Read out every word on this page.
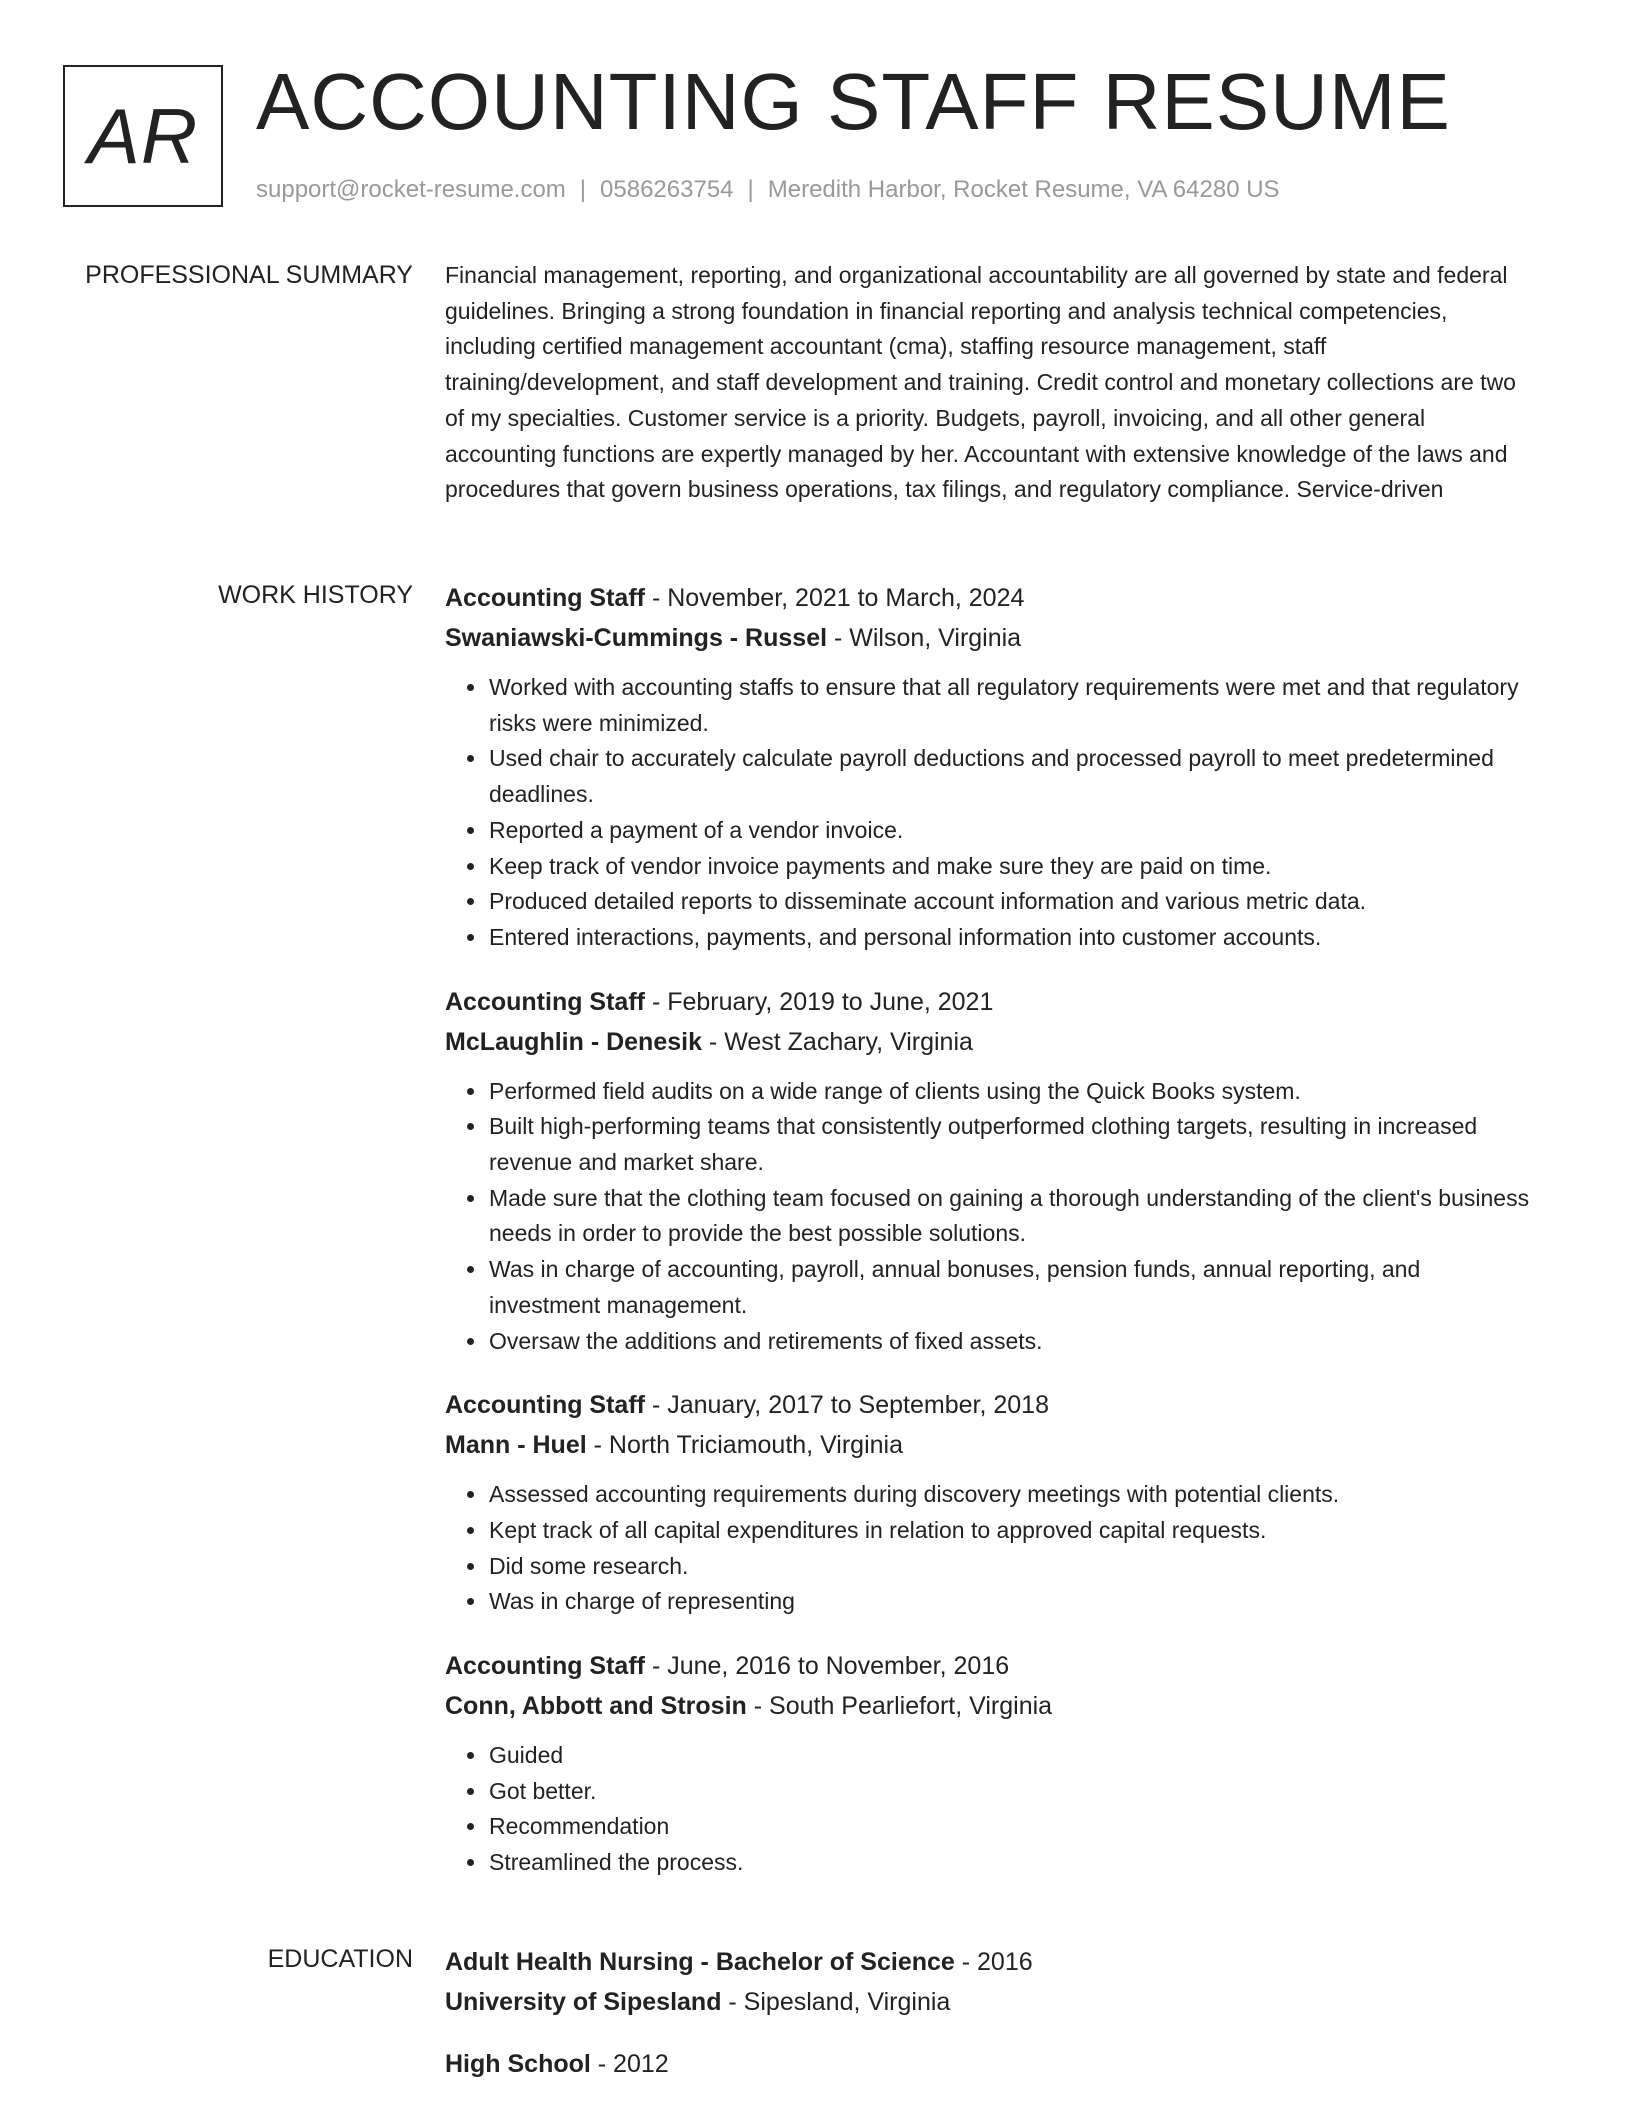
AR ACCOUNTING STAFF RESUME
support@rocket-resume.com | 0586263754 | Meredith Harbor, Rocket Resume, VA 64280 US
PROFESSIONAL SUMMARY Financial management, reporting, and organizational accountability are all governed by state and federal guidelines. Bringing a strong foundation in financial reporting and analysis technical competencies, including certified management accountant (cma), staffing resource management, staff training/development, and staff development and training. Credit control and monetary collections are two of my specialties. Customer service is a priority. Budgets, payroll, invoicing, and all other general accounting functions are expertly managed by her. Accountant with extensive knowledge of the laws and procedures that govern business operations, tax filings, and regulatory compliance. Service-driven

WORK HISTORY Accounting Staff - November, 2021 to March, 2024
Swaniawski-Cummings - Russel - Wilson, Virginia
• Worked with accounting staffs to ensure that all regulatory requirements were met and that regulatory risks were minimized.
• Used chair to accurately calculate payroll deductions and processed payroll to meet predetermined deadlines.
• Reported a payment of a vendor invoice.
• Keep track of vendor invoice payments and make sure they are paid on time.
• Produced detailed reports to disseminate account information and various metric data.
• Entered interactions, payments, and personal information into customer accounts.
Accounting Staff - February, 2019 to June, 2021
McLaughlin - Denesik - West Zachary, Virginia
• Performed field audits on a wide range of clients using the Quick Books system.
• Built high-performing teams that consistently outperformed clothing targets, resulting in increased revenue and market share.
• Made sure that the clothing team focused on gaining a thorough understanding of the client's business needs in order to provide the best possible solutions.
• Was in charge of accounting, payroll, annual bonuses, pension funds, annual reporting, and investment management.
• Oversaw the additions and retirements of fixed assets.
Accounting Staff - January, 2017 to September, 2018
Mann - Huel - North Triciamouth, Virginia
• Assessed accounting requirements during discovery meetings with potential clients.
• Kept track of all capital expenditures in relation to approved capital requests.
• Did some research.
• Was in charge of representing
Accounting Staff - June, 2016 to November, 2016
Conn, Abbott and Strosin - South Pearliefort, Virginia
• Guided
• Got better.
• Recommendation
• Streamlined the process.
EDUCATION Adult Health Nursing - Bachelor of Science - 2016
University of Sipesland - Sipesland, Virginia
High School - 2012
